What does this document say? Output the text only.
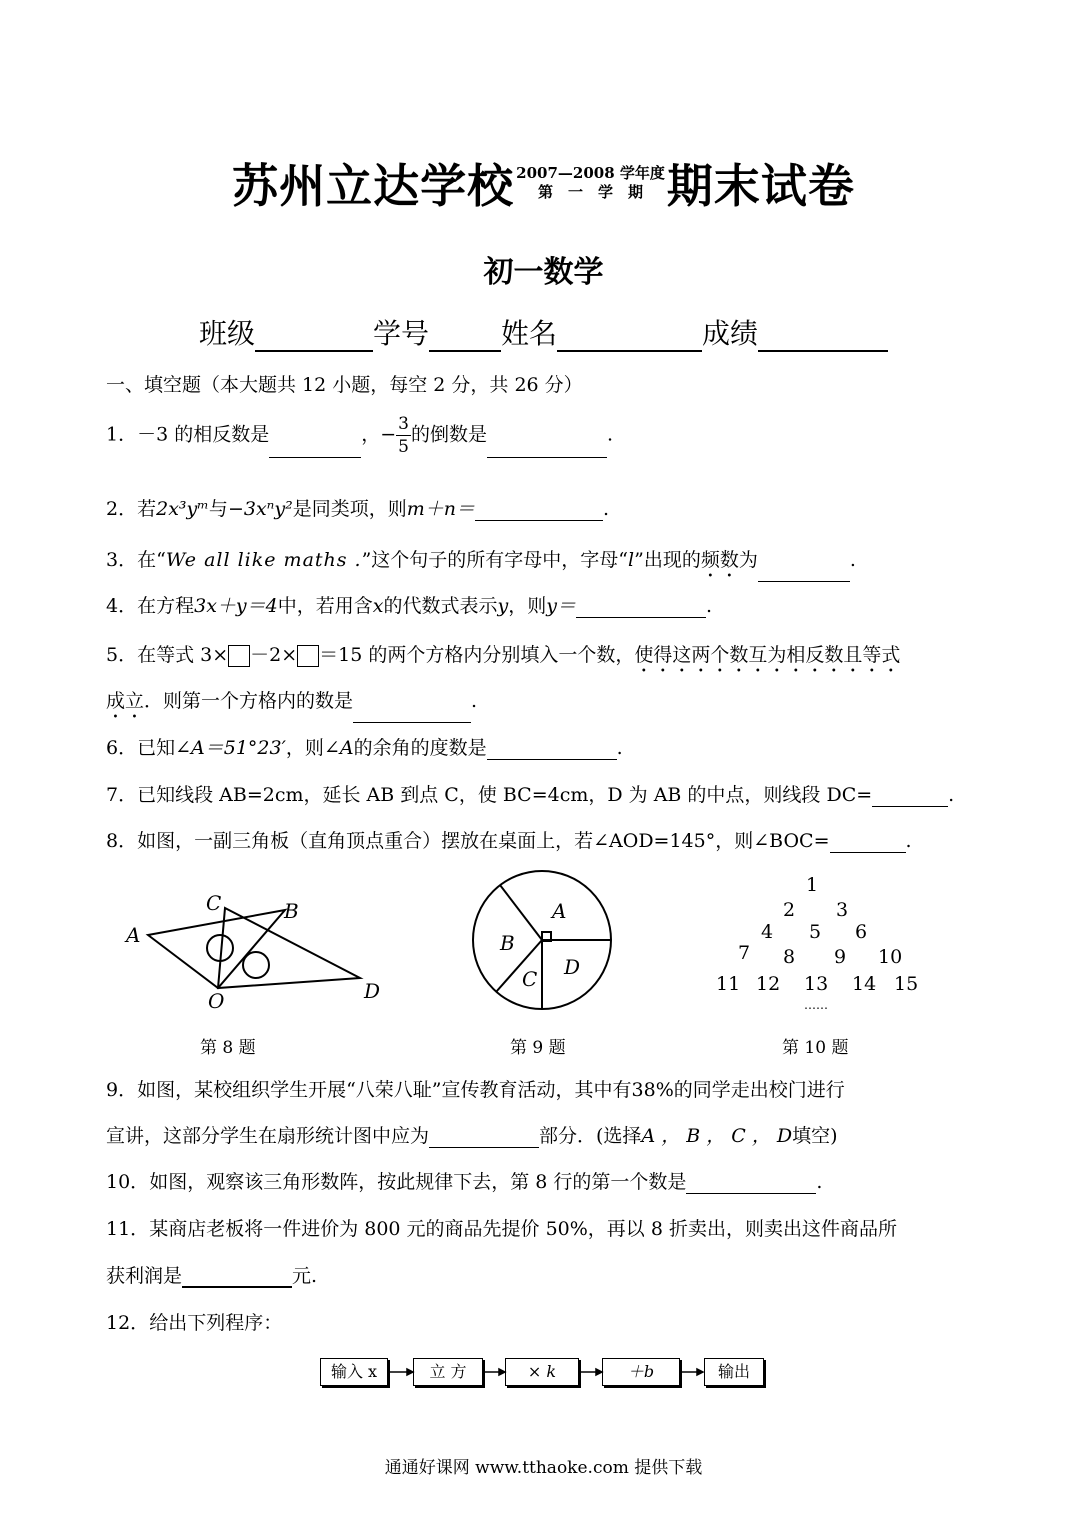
苏州立达学校 2007—2008 学年度
第　一　学　期 期末试卷
初一数学
班级	学号	姓名	成绩
一、填空题（本大题共 12 小题，每空 2 分，共 26 分）
1．－3 的相反数是	，− $\frac{3}{5}$ 的倒数是	.
2．若2x³yᵐ与−3xⁿy²是同类项，则m＋n＝	.
3．在“We all like maths .”这个句子的所有字母中，字母“l”出现的频数为	.
4．在方程3x＋y＝4中，若用含x的代数式表示y，则y＝	.
5．在等式 3× －2× ＝15 的两个方格内分别填入一个数，使得这两个数互为相反数且等式
成立．则第一个方格内的数是	.
6．已知∠A＝51°23′，则∠A的余角的度数是	.
7．已知线段 AB=2cm，延长 AB 到点 C，使 BC=4cm，D 为 AB 的中点，则线段 DC=	.
8．如图，一副三角板（直角顶点重合）摆放在桌面上，若∠AOD=145°，则∠BOC=	.
C	B
A
O	D
第 8 题
A
B
C D
第 9 题
1
2 3
4 5 6
7 8 9 10
11 12 13 14 15
……
第 10 题
9．如图，某校组织学生开展“八荣八耻”宣传教育活动，其中有38%的同学走出校门进行
宣讲，这部分学生在扇形统计图中应为	部分．(选择A ， B ， C ， D填空)
10．如图，观察该三角形数阵，按此规律下去，第 8 行的第一个数是	.
11．某商店老板将一件进价为 800 元的商品先提价 50%，再以 8 折卖出，则卖出这件商品所
获利润是	元.
12．给出下列程序：
输入 x	立 方	× k	＋b	输出
通通好课网 www.tthaoke.com 提供下载
